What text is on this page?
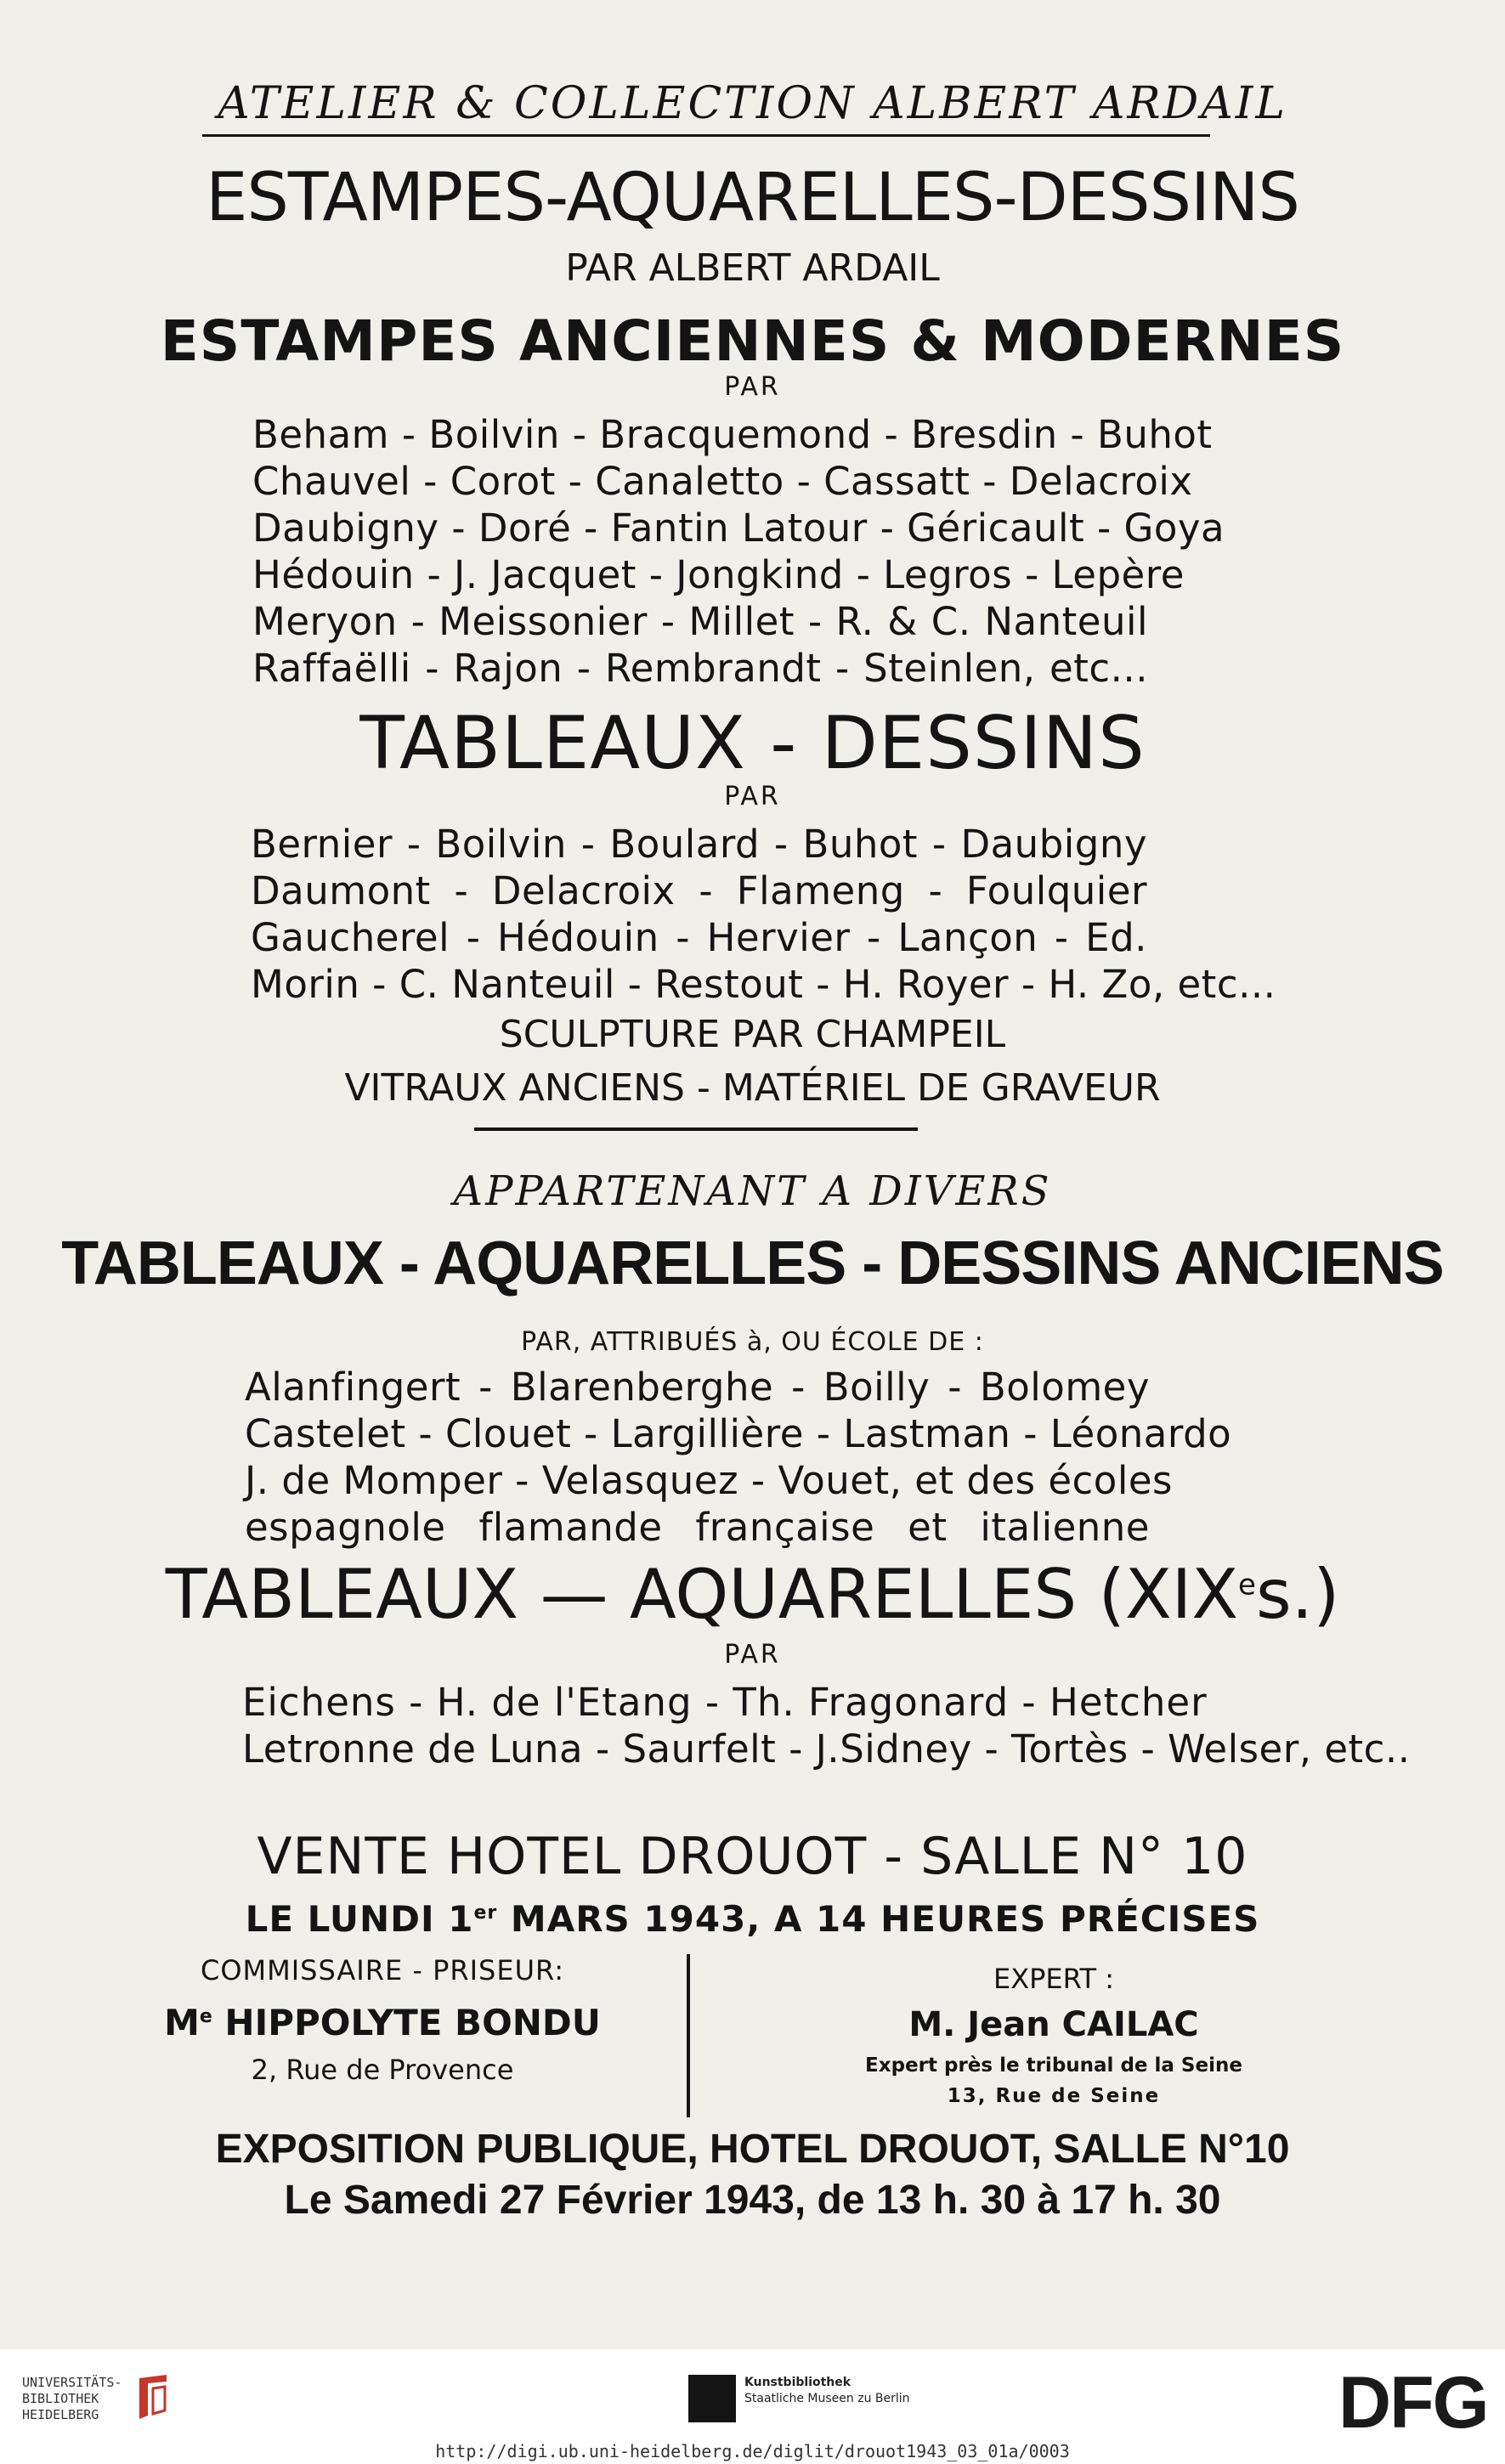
ATELIER & COLLECTION ALBERT ARDAIL
ESTAMPES-AQUARELLES-DESSINS
PAR ALBERT ARDAIL
ESTAMPES ANCIENNES & MODERNES
PAR
Beham - Boilvin - Bracquemond - Bresdin - Buhot
Chauvel - Corot - Canaletto - Cassatt - Delacroix
Daubigny - Doré - Fantin Latour - Géricault - Goya
Hédouin - J. Jacquet - Jongkind - Legros - Lepère
Meryon - Meissonier - Millet - R. & C. Nanteuil
Raffaëlli - Rajon - Rembrandt - Steinlen, etc...
TABLEAUX - DESSINS
PAR
Bernier - Boilvin - Boulard - Buhot - Daubigny
Daumont - Delacroix - Flameng - Foulquier
Gaucherel - Hédouin - Hervier - Lançon - Ed.
Morin - C. Nanteuil - Restout - H. Royer - H. Zo, etc...
SCULPTURE PAR CHAMPEIL
VITRAUX ANCIENS - MATÉRIEL DE GRAVEUR
APPARTENANT A DIVERS
TABLEAUX - AQUARELLES - DESSINS ANCIENS
PAR, ATTRIBUÉS à, OU ÉCOLE DE :
Alanfingert - Blarenberghe - Boilly - Bolomey
Castelet - Clouet - Largillière - Lastman - Léonardo
J. de Momper - Velasquez - Vouet, et des écoles
espagnole flamande française et italienne
TABLEAUX — AQUARELLES (XIXes.)
PAR
Eichens - H. de l'Etang - Th. Fragonard - Hetcher
Letronne de Luna - Saurfelt - J.Sidney - Tortès - Welser, etc..
VENTE HOTEL DROUOT - SALLE N° 10
LE LUNDI 1er MARS 1943, A 14 HEURES PRÉCISES
COMMISSAIRE - PRISEUR:
Me HIPPOLYTE BONDU
2, Rue de Provence
EXPERT :
M. Jean CAILAC
Expert près le tribunal de la Seine
13, Rue de Seine
EXPOSITION PUBLIQUE, HOTEL DROUOT, SALLE N°10
Le Samedi 27 Février 1943, de 13 h. 30 à 17 h. 30
UNIVERSITÄTS-
BIBLIOTHEK
HEIDELBERG
Kunstbibliothek
Staatliche Museen zu Berlin	DFG
http://digi.ub.uni-heidelberg.de/diglit/drouot1943_03_01a/0003
